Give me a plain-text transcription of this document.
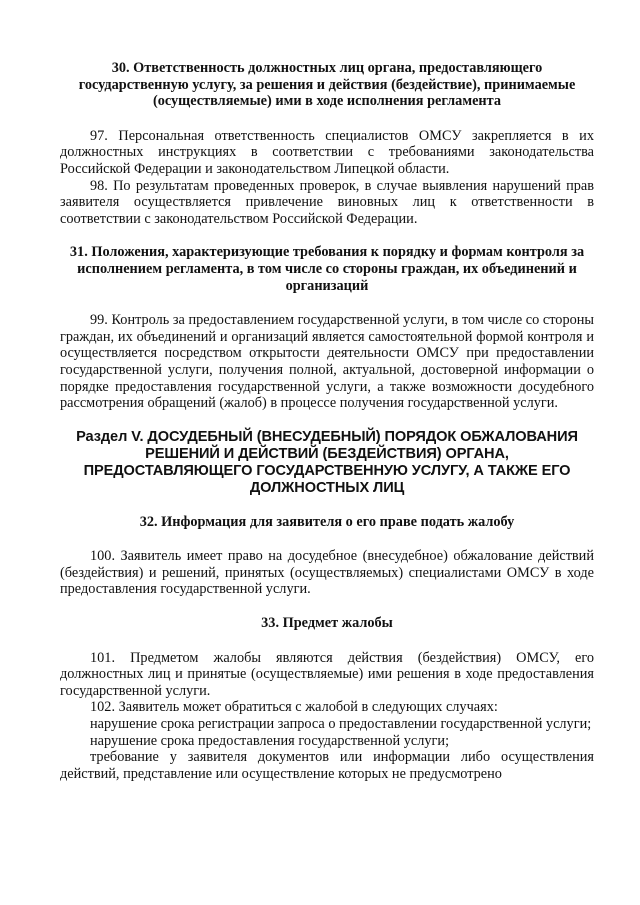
30. Ответственность должностных лиц органа, предоставляющего государственную услугу, за решения и действия (бездействие), принимаемые (осуществляемые) ими в ходе исполнения регламента

97. Персональная ответственность специалистов ОМСУ закрепляется в их должностных инструкциях в соответствии с требованиями законодательства Российской Федерации и законодательством Липецкой области.

98. По результатам проведенных проверок, в случае выявления нарушений прав заявителя осуществляется привлечение виновных лиц к ответственности в соответствии с законодательством Российской Федерации.

31. Положения, характеризующие требования к порядку и формам контроля за исполнением регламента, в том числе со стороны граждан, их объединений и организаций

99. Контроль за предоставлением государственной услуги, в том числе со стороны граждан, их объединений и организаций является самостоятельной формой контроля и осуществляется посредством открытости деятельности ОМСУ при предоставлении государственной услуги, получения полной, актуальной, достоверной информации о порядке предоставления государственной услуги, а также возможности досудебного рассмотрения обращений (жалоб) в процессе получения государственной услуги.

Раздел V. ДОСУДЕБНЫЙ (ВНЕСУДЕБНЫЙ) ПОРЯДОК ОБЖАЛОВАНИЯ РЕШЕНИЙ И ДЕЙСТВИЙ (БЕЗДЕЙСТВИЯ) ОРГАНА, ПРЕДОСТАВЛЯЮЩЕГО ГОСУДАРСТВЕННУЮ УСЛУГУ, А ТАКЖЕ ЕГО ДОЛЖНОСТНЫХ ЛИЦ

32. Информация для заявителя о его праве подать жалобу

100. Заявитель имеет право на досудебное (внесудебное) обжалование действий (бездействия) и решений, принятых (осуществляемых) специалистами ОМСУ в ходе предоставления государственной услуги.

33. Предмет жалобы

101. Предметом жалобы являются действия (бездействия) ОМСУ, его должностных лиц и принятые (осуществляемые) ими решения в ходе предоставления государственной услуги.

102. Заявитель может обратиться с жалобой в следующих случаях:

нарушение срока регистрации запроса о предоставлении государственной услуги;

нарушение срока предоставления государственной услуги;

требование у заявителя документов или информации либо осуществления действий, представление или осуществление которых не предусмотрено
